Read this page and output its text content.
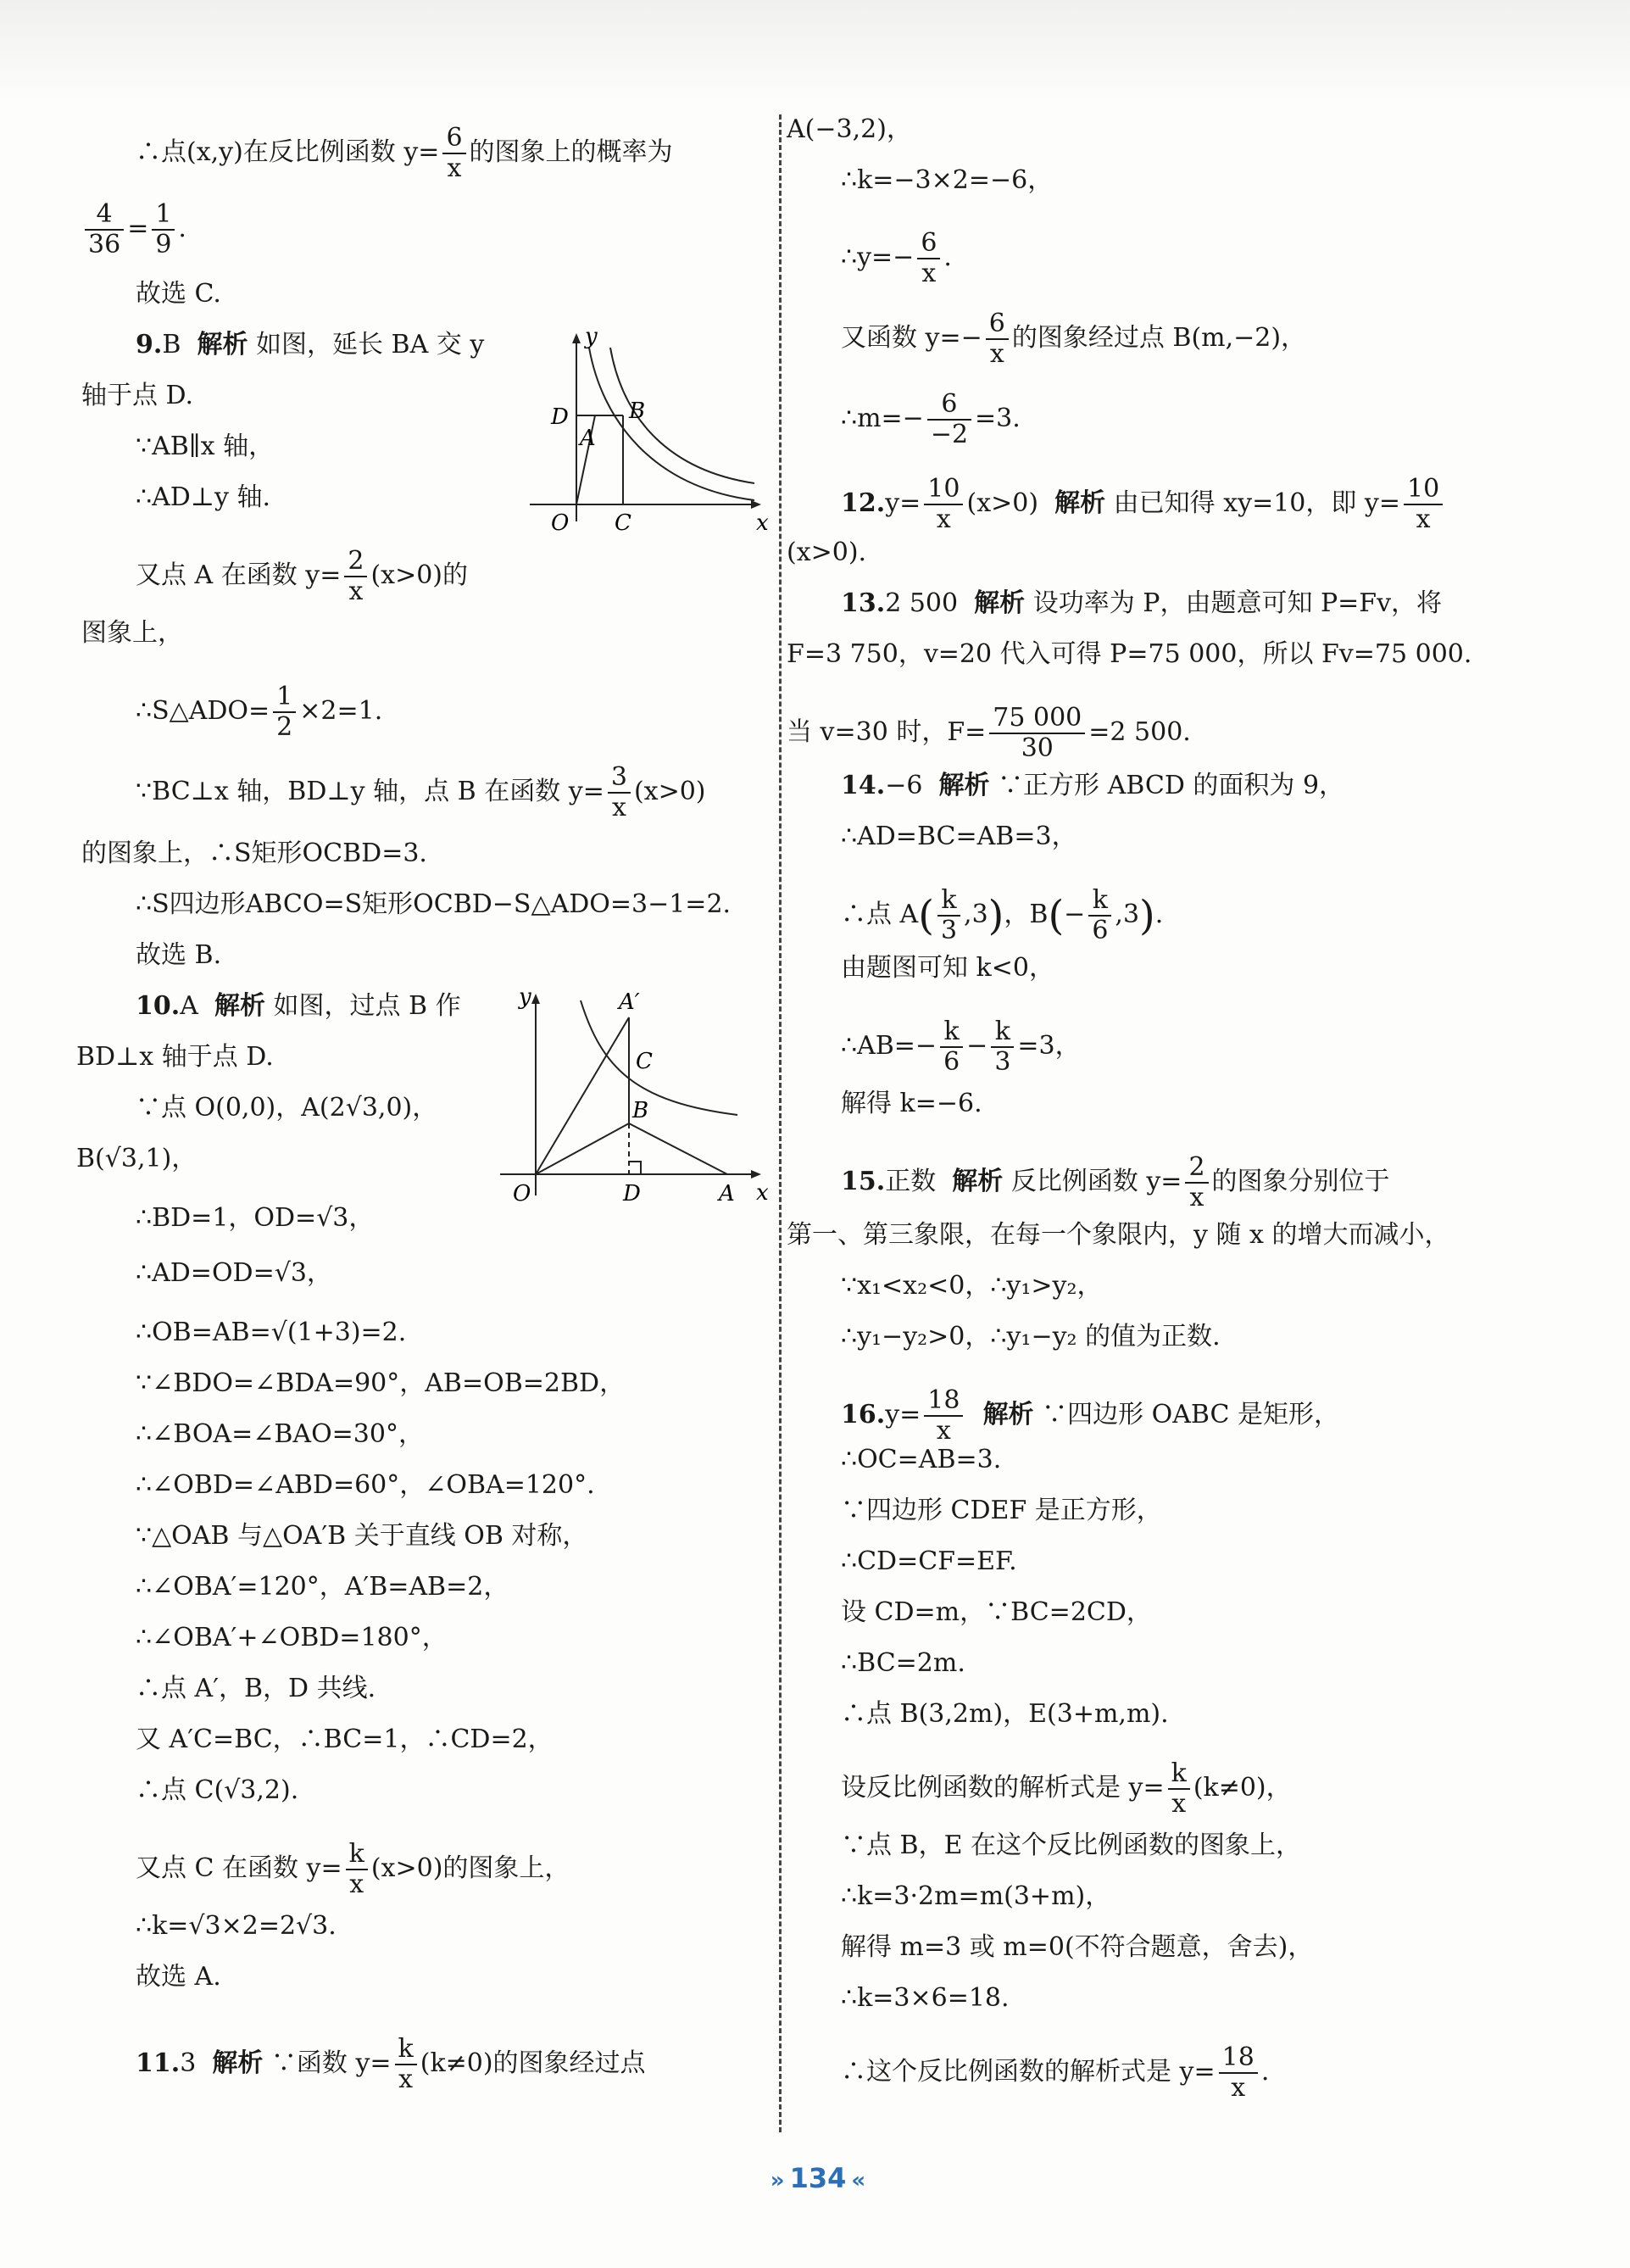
∴点(x,y)在反比例函数 $y= \frac{6}{x}$ 的图象上的概率为
$\frac{4}{36} = \frac{1}{9}$ .
故选 C.
9.B 解析 如图，延长 BA 交 y
轴于点 D.
∵AB∥x 轴，
∴AD⊥y 轴.
又点 A 在函数 $y= \frac{2}{x} (x>0)$的
图象上，
∴S△ADO= $\frac{1}{2} \times 2=1$.
∵BC⊥x 轴，BD⊥y 轴，点 B 在函数 $y= \frac{3}{x} (x>0)$
的图象上，∴S矩形OCBD=3.
∴S四边形ABCO=S矩形OCBD−S△ADO=3−1=2.
故选 B.
y
x
D
A
B
O C
10.A 解析 如图，过点 B 作
BD⊥x 轴于点 D.
∵点 O(0,0)，A(2√3,0)，
B(√3,1)，
∴BD=1，OD=√3，
∴AD=OD=√3，
∴OB=AB=√(1+3)=2.
∵∠BDO=∠BDA=90°，AB=OB=2BD，
∴∠BOA=∠BAO=30°，
∴∠OBD=∠ABD=60°，∠OBA=120°.
∵△OAB 与△OA′B 关于直线 OB 对称，
∴∠OBA′=120°，A′B=AB=2，
∴∠OBA′+∠OBD=180°，
∴点 A′，B，D 共线.
又 A′C=BC，∴BC=1，∴CD=2，
∴点 C(√3,2).
又点 C 在函数 $y= \frac{k}{x} (x>0)$的图象上，
∴k=√3×2=2√3.
故选 A.
y
x
A′
C
B
O	D	A
11.3 解析 ∵函数 $y= \frac{k}{x} (k\ne 0)$的图象经过点
A(−3,2)，
∴k=−3×2=−6，
∴y=− $\frac{6}{x}$ .
又函数 $y=- \frac{6}{x}$ 的图象经过点 B(m,−2)，
∴m=− $\frac{6}{-2} =3$.
$12.y= \frac{10}{x} (x>0)$ 解析 由已知得 xy=10，即 $y= \frac{10}{x}$
(x>0).
13.2 500 解析 设功率为 P，由题意可知 P=Fv，将
F=3 750，v=20 代入可得 P=75 000，所以 Fv=75 000.
当 v=30 时，$F= \frac{75 000}{30} =2$ 500.
14.−6 解析 ∵正方形 ABCD 的面积为 9，
∴AD=BC=AB=3，
∴点 $A( \frac{k}{3} ,3)$，$B(- \frac{k}{6} ,3)$.
由题图可知 k<0，
∴AB=− $\frac{k}{6} - \frac{k}{3} =3$，
解得 k=−6.
15.正数 解析 反比例函数 $y= \frac{2}{x}$ 的图象分别位于
第一、第三象限，在每一个象限内，y 随 x 的增大而减小，
∵x₁<x₂<0，∴y₁>y₂，
∴y₁−y₂>0，∴y₁−y₂ 的值为正数.
$16.y= \frac{18}{x}$ 解析 ∵四边形 OABC 是矩形，
∴OC=AB=3.
∵四边形 CDEF 是正方形，
∴CD=CF=EF.
设 CD=m，∵BC=2CD，
∴BC=2m.
∴点 B(3,2m)，E(3+m,m).
设反比例函数的解析式是 $y= \frac{k}{x} (k\ne 0)$，
∵点 B，E 在这个反比例函数的图象上，
∴k=3·2m=m(3+m)，
解得 m=3 或 m=0(不符合题意，舍去)，
∴k=3×6=18.
∴这个反比例函数的解析式是 $y= \frac{18}{x}$ .
» 134 «
